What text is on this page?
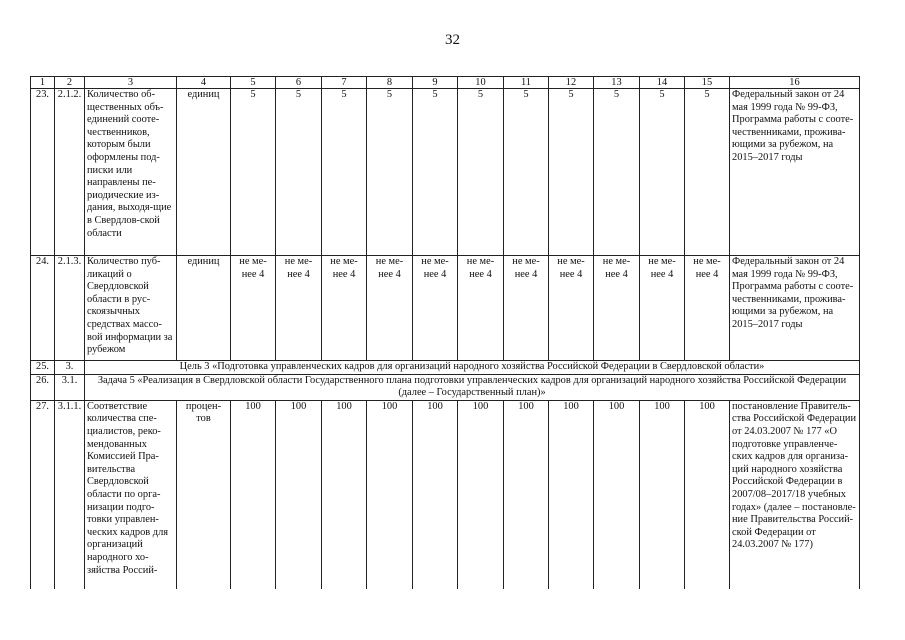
32
1	2	3	4	5	6	7	8	9	10	11	12	13	14	15	16
23.	2.1.2.	Количество об-щественных объ-единений соотe-чественников, которым были оформлены под-писки или направлены пе-риодические из-дания, выходя-щие в Свердлов-ской области	единиц	5	5	5	5	5	5	5	5	5	5	5	Федеральный закон от 24 мая 1999 года № 99-ФЗ, Программа работы с соотe-чественниками, прожива-ющими за рубежом, на 2015–2017 годы
24.	2.1.3.	Количество пуб-ликаций о Свердловской области в рус-скоязычных средствах массо-вой информации за рубежом	единиц	не ме-нее 4	не ме-нее 4	не ме-нее 4	не ме-нее 4	не ме-нее 4	не ме-нее 4	не ме-нее 4	не ме-нее 4	не ме-нее 4	не ме-нее 4	не ме-нее 4	Федеральный закон от 24 мая 1999 года № 99-ФЗ, Программа работы с соотe-чественниками, прожива-ющими за рубежом, на 2015–2017 годы
25.	3.	Цель 3 «Подготовка управленческих кадров для организаций народного хозяйства Российской Федерации в Свердловской области»													
26.	3.1.	Задача 5 «Реализация в Свердловской области Государственного плана подготовки управленческих кадров для организаций народного хозяйства Российской Федерации (далее – Государственный план)»													
27.	3.1.1.	Соответствие количества спе-циалистов, реко-мендованных Комиссией Пра-вительства Свердловской области по орга-низации подго-товки управлен-ческих кадров для организаций народного хо-зяйства Россий-	процен-тов	100	100	100	100	100	100	100	100	100	100	100	постановление Правитель-ства Российской Федерации от 24.03.2007 № 177 «О подготовке управленче-ских кадров для организа-ций народного хозяйства Российской Федерации в 2007/08–2017/18 учебных годах» (далее – постановле-ние Правительства Россий-ской Федерации от 24.03.2007 № 177)
